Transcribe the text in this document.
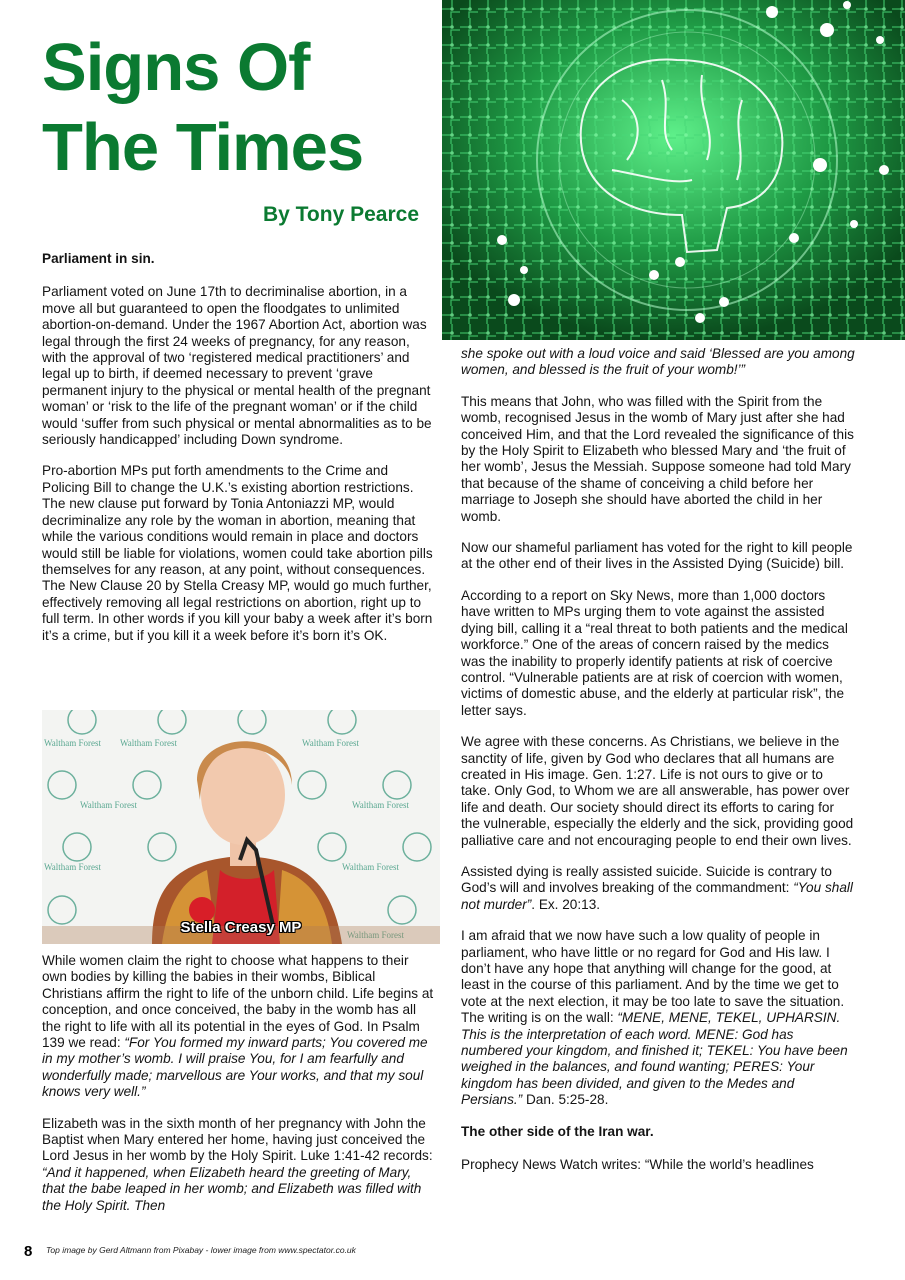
Signs Of
The Times
By Tony Pearce

Parliament in sin.

Parliament voted on June 17th to decriminalise abortion, in a move all but guaranteed to open the floodgates to unlimited abortion-on-demand. Under the 1967 Abortion Act, abortion was legal through the first 24 weeks of pregnancy, for any reason, with the approval of two ‘registered medical practitioners’ and legal up to birth, if deemed necessary to prevent ‘grave permanent injury to the physical or mental health of the pregnant woman’ or ‘risk to the life of the pregnant woman’ or if the child would ‘suffer from such physical or mental abnormalities as to be seriously handicapped’ including Down syndrome.

Pro-abortion MPs put forth amendments to the Crime and Policing Bill to change the U.K.’s existing abortion restrictions. The new clause put forward by Tonia Antoniazzi MP, would decriminalize any role by the woman in abortion, meaning that while the various conditions would remain in place and doctors would still be liable for violations, women could take abortion pills themselves for any reason, at any point, without consequences. The New Clause 20 by Stella Creasy MP, would go much further, effectively removing all legal restrictions on abortion, right up to full term. In other words if you kill your baby a week after it’s born it’s a crime, but if you kill it a week before it’s born it’s OK.

Waltham Forest Waltham Forest	Waltham Forest
Waltham Forest	Waltham Forest
Waltham Forest	Waltham Forest
Waltham Forest
Stella Creasy MP

While women claim the right to choose what happens to their own bodies by killing the babies in their wombs, Biblical Christians affirm the right to life of the unborn child. Life begins at conception, and once conceived, the baby in the womb has all the right to life with all its potential in the eyes of God. In Psalm 139 we read: “For You formed my inward parts; You covered me in my mother’s womb. I will praise You, for I am fearfully and wonderfully made; marvellous are Your works, and that my soul knows very well.”

Elizabeth was in the sixth month of her pregnancy with John the Baptist when Mary entered her home, having just conceived the Lord Jesus in her womb by the Holy Spirit. Luke 1:41-42 records: “And it happened, when Elizabeth heard the greeting of Mary, that the babe leaped in her womb; and Elizabeth was filled with the Holy Spirit. Then

she spoke out with a loud voice and said ‘Blessed are you among women, and blessed is the fruit of your womb!’”

This means that John, who was filled with the Spirit from the womb, recognised Jesus in the womb of Mary just after she had conceived Him, and that the Lord revealed the significance of this by the Holy Spirit to Elizabeth who blessed Mary and ‘the fruit of her womb’, Jesus the Messiah. Suppose someone had told Mary that because of the shame of conceiving a child before her marriage to Joseph she should have aborted the child in her womb.

Now our shameful parliament has voted for the right to kill people at the other end of their lives in the Assisted Dying (Suicide) bill.

According to a report on Sky News, more than 1,000 doctors have written to MPs urging them to vote against the assisted dying bill, calling it a “real threat to both patients and the medical workforce.” One of the areas of concern raised by the medics was the inability to properly identify patients at risk of coercive control. “Vulnerable patients are at risk of coercion with women, victims of domestic abuse, and the elderly at particular risk”, the letter says.

We agree with these concerns. As Christians, we believe in the sanctity of life, given by God who declares that all humans are created in His image. Gen. 1:27. Life is not ours to give or to take. Only God, to Whom we are all answerable, has power over life and death. Our society should direct its efforts to caring for the vulnerable, especially the elderly and the sick, providing good palliative care and not encouraging people to end their own lives.

Assisted dying is really assisted suicide. Suicide is contrary to God’s will and involves breaking of the commandment: “You shall not murder”. Ex. 20:13.

I am afraid that we now have such a low quality of people in parliament, who have little or no regard for God and His law. I don’t have any hope that anything will change for the good, at least in the course of this parliament. And by the time we get to vote at the next election, it may be too late to save the situation. The writing is on the wall: “MENE, MENE, TEKEL, UPHARSIN. This is the interpretation of each word. MENE: God has numbered your kingdom, and finished it; TEKEL: You have been weighed in the balances, and found wanting; PERES: Your kingdom has been divided, and given to the Medes and Persians.” Dan. 5:25-28.

The other side of the Iran war.

Prophecy News Watch writes: “While the world’s headlines

8 Top image by Gerd Altmann from Pixabay - lower image from www.spectator.co.uk
